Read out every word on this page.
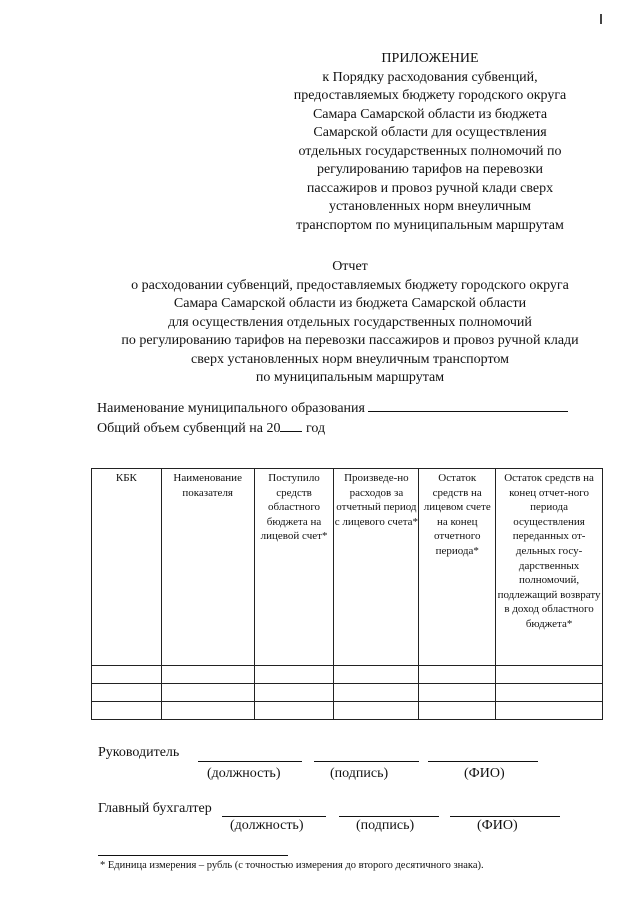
ПРИЛОЖЕНИЕ
к Порядку расходования субвенций,
предоставляемых бюджету городского округа
Самара Самарской области из бюджета
Самарской области для осуществления
отдельных государственных полномочий по
регулированию тарифов на перевозки
пассажиров и провоз ручной клади сверх
установленных норм внеуличным
транспортом по муниципальным маршрутам
Отчет
о расходовании субвенций, предоставляемых бюджету городского округа
Самара Самарской области из бюджета Самарской области
для осуществления отдельных государственных полномочий
по регулированию тарифов на перевозки пассажиров и провоз ручной клади
сверх установленных норм внеуличным транспортом
по муниципальным маршрутам
Наименование муниципального образования
Общий объем субвенций на 20 год
КБК	Наименование показателя	Поступило средств областного бюджета на лицевой счет*	Произведе-но расходов за отчетный период с лицевого счета*	Остаток средств на лицевом счете на конец отчетного периода*	Остаток средств на конец отчет-ного периода осуществления переданных от-дельных госу-дарственных полномочий, подлежащий возврату в доход областного бюджета*

Руководитель
(должность)	(подпись)	(ФИО)
Главный бухгалтер
(должность)	(подпись)	(ФИО)
* Единица измерения – рубль (с точностью измерения до второго десятичного знака).
